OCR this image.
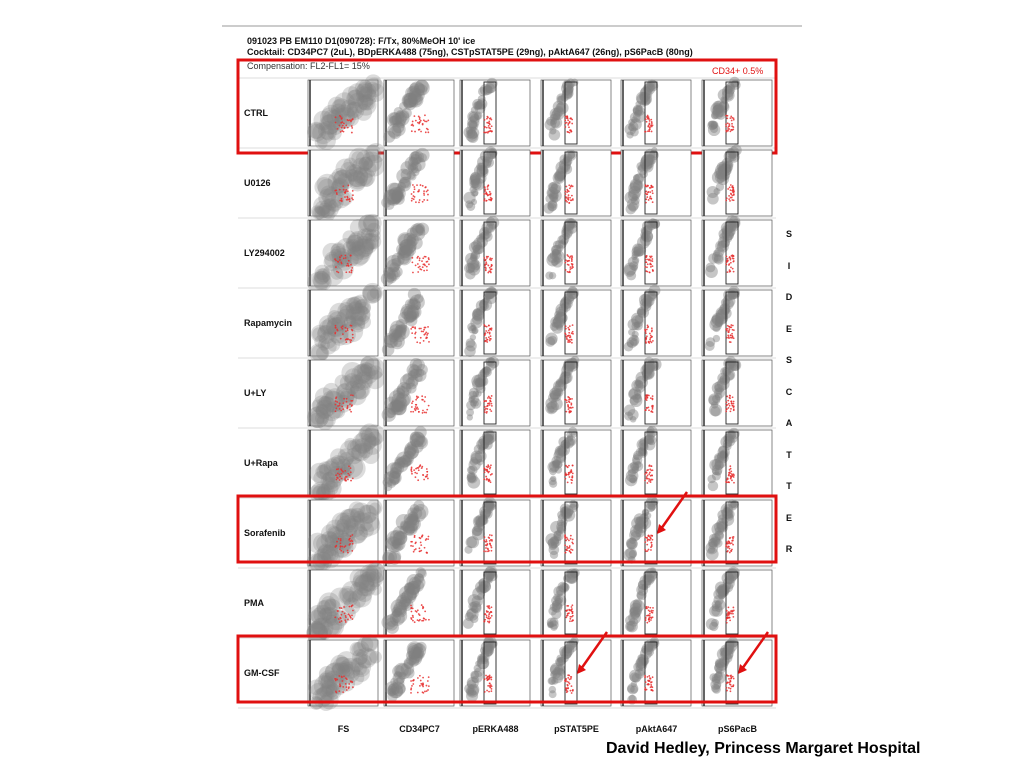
091023 PB EM110 D1(090728): F/Tx, 80%MeOH 10' ice
Cocktail: CD34PC7 (2uL), BDpERKA488 (75ng), CSTpSTAT5PE (29ng), pAktA647 (26ng), pS6PacB (80ng)
Compensation: FL2-FL1= 15%	CD34+ 0.5%
David Hedley, Princess Margaret Hospital
CTRL
U0126
LY294002
Rapamycin
U+LY
U+Rapa
Sorafenib
PMA
GM-CSF
FS	CD34PC7	pERKA488	pSTAT5PE	pAktA647	pS6PacB
S
I
D
E
S
C
A
T
T
E
R
